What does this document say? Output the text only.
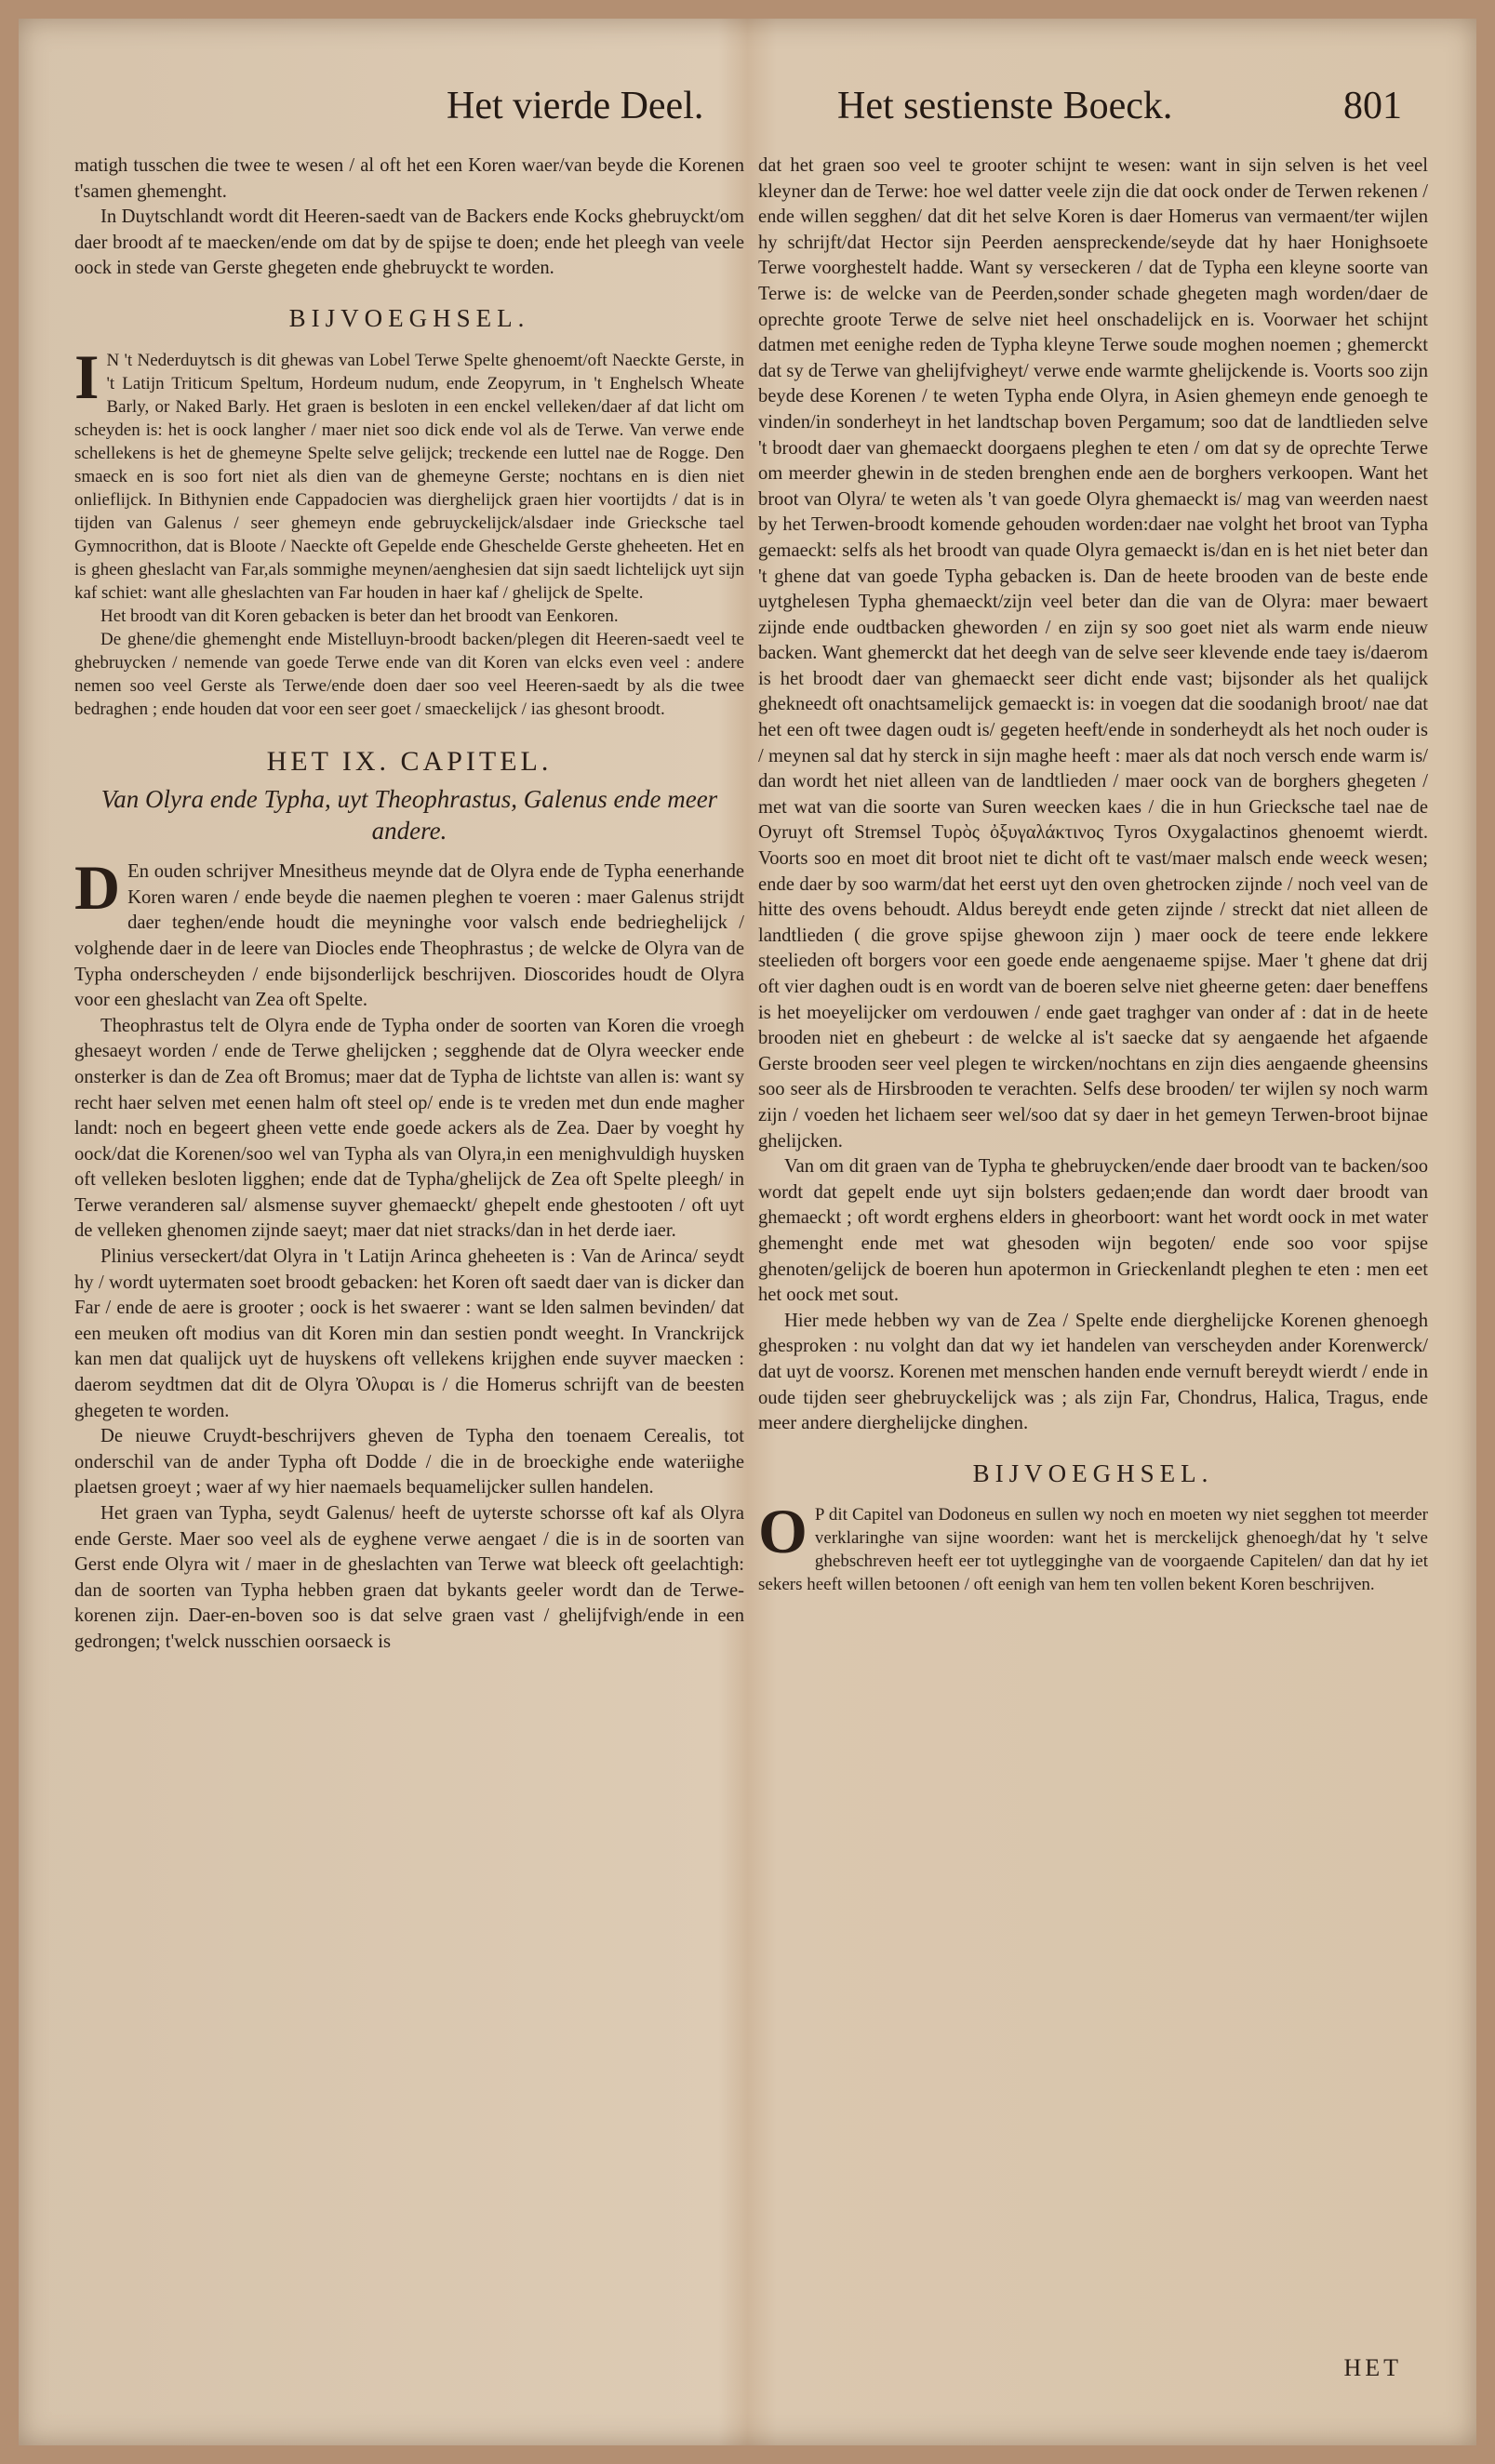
Het vierde Deel.	Het sestienste Boeck.	801

matigh tusschen die twee te wesen / al oft het een Koren waer/van beyde die Korenen t'samen ghemenght.

In Duytschlandt wordt dit Heeren-saedt van de Backers ende Kocks ghebruyckt/om daer broodt af te maecken/ende om dat by de spijse te doen; ende het pleegh van veele oock in stede van Gerste ghegeten ende ghebruyckt te worden.

BIJVOEGHSEL.

IN 't Nederduytsch is dit ghewas van Lobel Terwe Spelte ghenoemt/oft Naeckte Gerste, in 't Latijn Triticum Speltum, Hordeum nudum, ende Zeopyrum, in 't Enghelsch Wheate Barly, or Naked Barly. Het graen is besloten in een enckel velleken/daer af dat licht om scheyden is: het is oock langher / maer niet soo dick ende vol als de Terwe. Van verwe ende schellekens is het de ghemeyne Spelte selve gelijck; treckende een luttel nae de Rogge. Den smaeck en is soo fort niet als dien van de ghemeyne Gerste; nochtans en is dien niet onlieflijck. In Bithynien ende Cappadocien was dierghelijck graen hier voortijdts / dat is in tijden van Galenus / seer ghemeyn ende gebruyckelijck/alsdaer inde Griecksche tael Gymnocrithon, dat is Bloote / Naeckte oft Gepelde ende Gheschelde Gerste gheheeten. Het en is gheen gheslacht van Far,als sommighe meynen/aenghesien dat sijn saedt lichtelijck uyt sijn kaf schiet: want alle gheslachten van Far houden in haer kaf / ghelijck de Spelte.

Het broodt van dit Koren gebacken is beter dan het broodt van Eenkoren.

De ghene/die ghemenght ende Mistelluyn-broodt backen/plegen dit Heeren-saedt veel te ghebruycken / nemende van goede Terwe ende van dit Koren van elcks even veel : andere nemen soo veel Gerste als Terwe/ende doen daer soo veel Heeren-saedt by als die twee bedraghen ; ende houden dat voor een seer goet / smaeckelijck / ias ghesont broodt.

HET IX. CAPITEL.
Van Olyra ende Typha, uyt Theophrastus, Galenus ende meer andere.

DEn ouden schrijver Mnesitheus meynde dat de Olyra ende de Typha eenerhande Koren waren / ende beyde die naemen pleghen te voeren : maer Galenus strijdt daer teghen/ende houdt die meyninghe voor valsch ende bedrieghelijck / volghende daer in de leere van Diocles ende Theophrastus ; de welcke de Olyra van de Typha onderscheyden / ende bijsonderlijck beschrijven. Dioscorides houdt de Olyra voor een gheslacht van Zea oft Spelte.

Theophrastus telt de Olyra ende de Typha onder de soorten van Koren die vroegh ghesaeyt worden / ende de Terwe ghelijcken ; segghende dat de Olyra weecker ende onsterker is dan de Zea oft Bromus; maer dat de Typha de lichtste van allen is: want sy recht haer selven met eenen halm oft steel op/ ende is te vreden met dun ende magher landt: noch en begeert gheen vette ende goede ackers als de Zea. Daer by voeght hy oock/dat die Korenen/soo wel van Typha als van Olyra,in een menighvuldigh huysken oft velleken besloten ligghen; ende dat de Typha/ghelijck de Zea oft Spelte pleegh/ in Terwe veranderen sal/ alsmense suyver ghemaeckt/ ghepelt ende ghestooten / oft uyt de velleken ghenomen zijnde saeyt; maer dat niet stracks/dan in het derde iaer.

Plinius verseckert/dat Olyra in 't Latijn Arinca gheheeten is : Van de Arinca/ seydt hy / wordt uytermaten soet broodt gebacken: het Koren oft saedt daer van is dicker dan Far / ende de aere is grooter ; oock is het swaerer : want se lden salmen bevinden/ dat een meuken oft modius van dit Koren min dan sestien pondt weeght. In Vranckrijck kan men dat qualijck uyt de huyskens oft vellekens krijghen ende suyver maecken : daerom seydtmen dat dit de Olyra Ὀλυραι is / die Homerus schrijft van de beesten ghegeten te worden.

De nieuwe Cruydt-beschrijvers gheven de Typha den toenaem Cerealis, tot onderschil van de ander Typha oft Dodde / die in de broeckighe ende wateriighe plaetsen groeyt ; waer af wy hier naemaels bequamelijcker sullen handelen.

Het graen van Typha, seydt Galenus/ heeft de uyterste schorsse oft kaf als Olyra ende Gerste. Maer soo veel als de eyghene verwe aengaet / die is in de soorten van Gerst ende Olyra wit / maer in de gheslachten van Terwe wat bleeck oft geelachtigh: dan de soorten van Typha hebben graen dat bykants geeler wordt dan de Terwe-korenen zijn. Daer-en-boven soo is dat selve graen vast / ghelijfvigh/ende in een gedrongen; t'welck nusschien oorsaeck is

dat het graen soo veel te grooter schijnt te wesen: want in sijn selven is het veel kleyner dan de Terwe: hoe wel datter veele zijn die dat oock onder de Terwen rekenen / ende willen segghen/ dat dit het selve Koren is daer Homerus van vermaent/ter wijlen hy schrijft/dat Hector sijn Peerden aenspreckende/seyde dat hy haer Honighsoete Terwe voorghestelt hadde. Want sy verseckeren / dat de Typha een kleyne soorte van Terwe is: de welcke van de Peerden,sonder schade ghegeten magh worden/daer de oprechte groote Terwe de selve niet heel onschadelijck en is. Voorwaer het schijnt datmen met eenighe reden de Typha kleyne Terwe soude moghen noemen ; ghemerckt dat sy de Terwe van ghelijfvigheyt/ verwe ende warmte ghelijckende is. Voorts soo zijn beyde dese Korenen / te weten Typha ende Olyra, in Asien ghemeyn ende genoegh te vinden/in sonderheyt in het landtschap boven Pergamum; soo dat de landtlieden selve 't broodt daer van ghemaeckt doorgaens pleghen te eten / om dat sy de oprechte Terwe om meerder ghewin in de steden brenghen ende aen de borghers verkoopen. Want het broot van Olyra/ te weten als 't van goede Olyra ghemaeckt is/ mag van weerden naest by het Terwen-broodt komende gehouden worden:daer nae volght het broot van Typha gemaeckt: selfs als het broodt van quade Olyra gemaeckt is/dan en is het niet beter dan 't ghene dat van goede Typha gebacken is. Dan de heete brooden van de beste ende uytghelesen Typha ghemaeckt/zijn veel beter dan die van de Olyra: maer bewaert zijnde ende oudtbacken gheworden / en zijn sy soo goet niet als warm ende nieuw backen. Want ghemerckt dat het deegh van de selve seer klevende ende taey is/daerom is het broodt daer van ghemaeckt seer dicht ende vast; bijsonder als het qualijck ghekneedt oft onachtsamelijck gemaeckt is: in voegen dat die soodanigh broot/ nae dat het een oft twee dagen oudt is/ gegeten heeft/ende in sonderheydt als het noch ouder is / meynen sal dat hy sterck in sijn maghe heeft : maer als dat noch versch ende warm is/ dan wordt het niet alleen van de landtlieden / maer oock van de borghers ghegeten / met wat van die soorte van Suren weecken kaes / die in hun Griecksche tael nae de Oyruyt oft Stremsel Τυρὸς ὀξυγαλάκτινος Tyros Oxygalactinos ghenoemt wierdt. Voorts soo en moet dit broot niet te dicht oft te vast/maer malsch ende weeck wesen; ende daer by soo warm/dat het eerst uyt den oven ghetrocken zijnde / noch veel van de hitte des ovens behoudt. Aldus bereydt ende geten zijnde / streckt dat niet alleen de landtlieden ( die grove spijse ghewoon zijn ) maer oock de teere ende lekkere steelieden oft borgers voor een goede ende aengenaeme spijse. Maer 't ghene dat drij oft vier daghen oudt is en wordt van de boeren selve niet gheerne geten: daer beneffens is het moeyelijcker om verdouwen / ende gaet traghger van onder af : dat in de heete brooden niet en ghebeurt : de welcke al is't saecke dat sy aengaende het afgaende Gerste brooden seer veel plegen te wircken/nochtans en zijn dies aengaende gheensins soo seer als de Hirsbrooden te verachten. Selfs dese brooden/ ter wijlen sy noch warm zijn / voeden het lichaem seer wel/soo dat sy daer in het gemeyn Terwen-broot bijnae ghelijcken.

Van om dit graen van de Typha te ghebruycken/ende daer broodt van te backen/soo wordt dat gepelt ende uyt sijn bolsters gedaen;ende dan wordt daer broodt van ghemaeckt ; oft wordt erghens elders in gheorboort: want het wordt oock in met water ghemenght ende met wat ghesoden wijn begoten/ ende soo voor spijse ghenoten/gelijck de boeren hun apotermon in Grieckenlandt pleghen te eten : men eet het oock met sout.

Hier mede hebben wy van de Zea / Spelte ende dierghelijcke Korenen ghenoegh ghesproken : nu volght dan dat wy iet handelen van verscheyden ander Korenwerck/ dat uyt de voorsz. Korenen met menschen handen ende vernuft bereydt wierdt / ende in oude tijden seer ghebruyckelijck was ; als zijn Far, Chondrus, Halica, Tragus, ende meer andere dierghelijcke dinghen.

BIJVOEGHSEL.

OP dit Capitel van Dodoneus en sullen wy noch en moeten wy niet segghen tot meerder verklaringhe van sijne woorden: want het is merckelijck ghenoegh/dat hy 't selve ghebschreven heeft eer tot uytlegginghe van de voorgaende Capitelen/ dan dat hy iet sekers heeft willen betoonen / oft eenigh van hem ten vollen bekent Koren beschrijven.

HET
